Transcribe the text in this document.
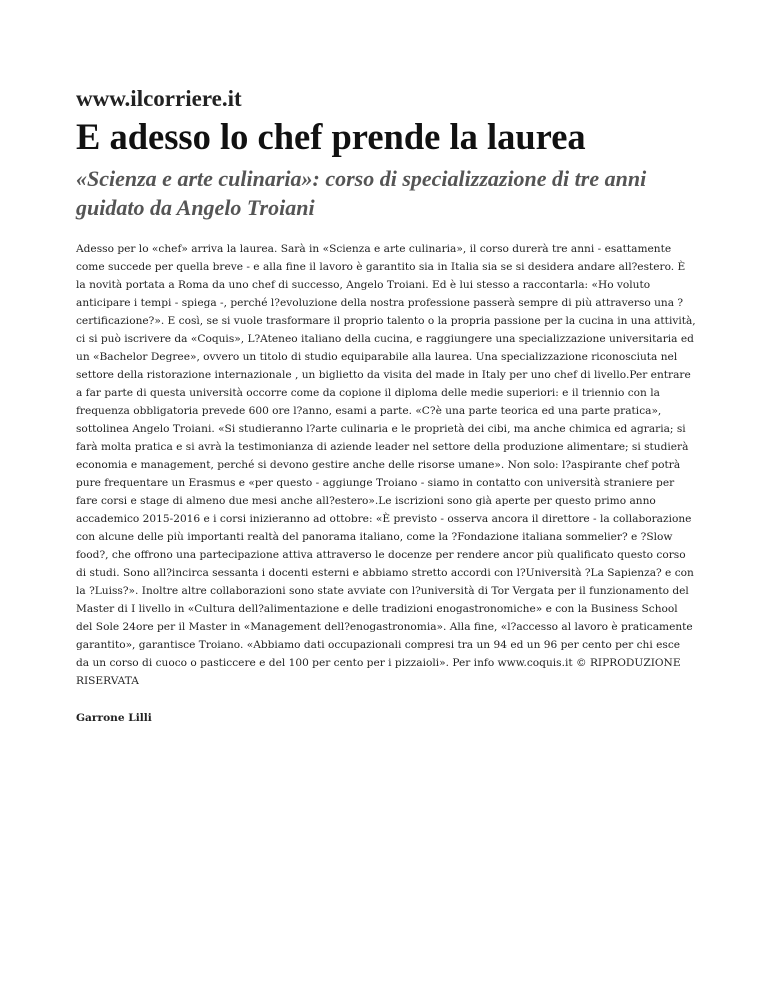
www.ilcorriere.it
E adesso lo chef prende la laurea
«Scienza e arte culinaria»: corso di specializzazione di tre anni guidato da Angelo Troiani

Adesso per lo «chef» arriva la laurea. Sarà in «Scienza e arte culinaria», il corso durerà tre anni - esattamente come succede per quella breve - e alla fine il lavoro è garantito sia in Italia sia se si desidera andare all?estero. È la novità portata a Roma da uno chef di successo, Angelo Troiani. Ed è lui stesso a raccontarla: «Ho voluto anticipare i tempi - spiega -, perché l?evoluzione della nostra professione passerà sempre di più attraverso una ?certificazione?». E così, se si vuole trasformare il proprio talento o la propria passione per la cucina in una attività, ci si può iscrivere da «Coquis», L?Ateneo italiano della cucina, e raggiungere una specializzazione universitaria ed un «Bachelor Degree», ovvero un titolo di studio equiparabile alla laurea. Una specializzazione riconosciuta nel settore della ristorazione internazionale , un biglietto da visita del made in Italy per uno chef di livello.Per entrare a far parte di questa università occorre come da copione il diploma delle medie superiori: e il triennio con la frequenza obbligatoria prevede 600 ore l?anno, esami a parte. «C?è una parte teorica ed una parte pratica», sottolinea Angelo Troiani. «Si studieranno l?arte culinaria e le proprietà dei cibi, ma anche chimica ed agraria; si farà molta pratica e si avrà la testimonianza di aziende leader nel settore della produzione alimentare; si studierà economia e management, perché si devono gestire anche delle risorse umane». Non solo: l?aspirante chef potrà pure frequentare un Erasmus e «per questo - aggiunge Troiano - siamo in contatto con università straniere per fare corsi e stage di almeno due mesi anche all?estero».Le iscrizioni sono già aperte per questo primo anno accademico 2015-2016 e i corsi inizieranno ad ottobre: «È previsto - osserva ancora il direttore - la collaborazione con alcune delle più importanti realtà del panorama italiano, come la ?Fondazione italiana sommelier? e ?Slow food?, che offrono una partecipazione attiva attraverso le docenze per rendere ancor più qualificato questo corso di studi. Sono all?incirca sessanta i docenti esterni e abbiamo stretto accordi con l?Università ?La Sapienza? e con la ?Luiss?». Inoltre altre collaborazioni sono state avviate con l?università di Tor Vergata per il funzionamento del Master di I livello in «Cultura dell?alimentazione e delle tradizioni enogastronomiche» e con la Business School del Sole 24ore per il Master in «Management dell?enogastronomia». Alla fine, «l?accesso al lavoro è praticamente garantito», garantisce Troiano. «Abbiamo dati occupazionali compresi tra un 94 ed un 96 per cento per chi esce da un corso di cuoco o pasticcere e del 100 per cento per i pizzaioli». Per info www.coquis.it © RIPRODUZIONE RISERVATA

Garrone Lilli
